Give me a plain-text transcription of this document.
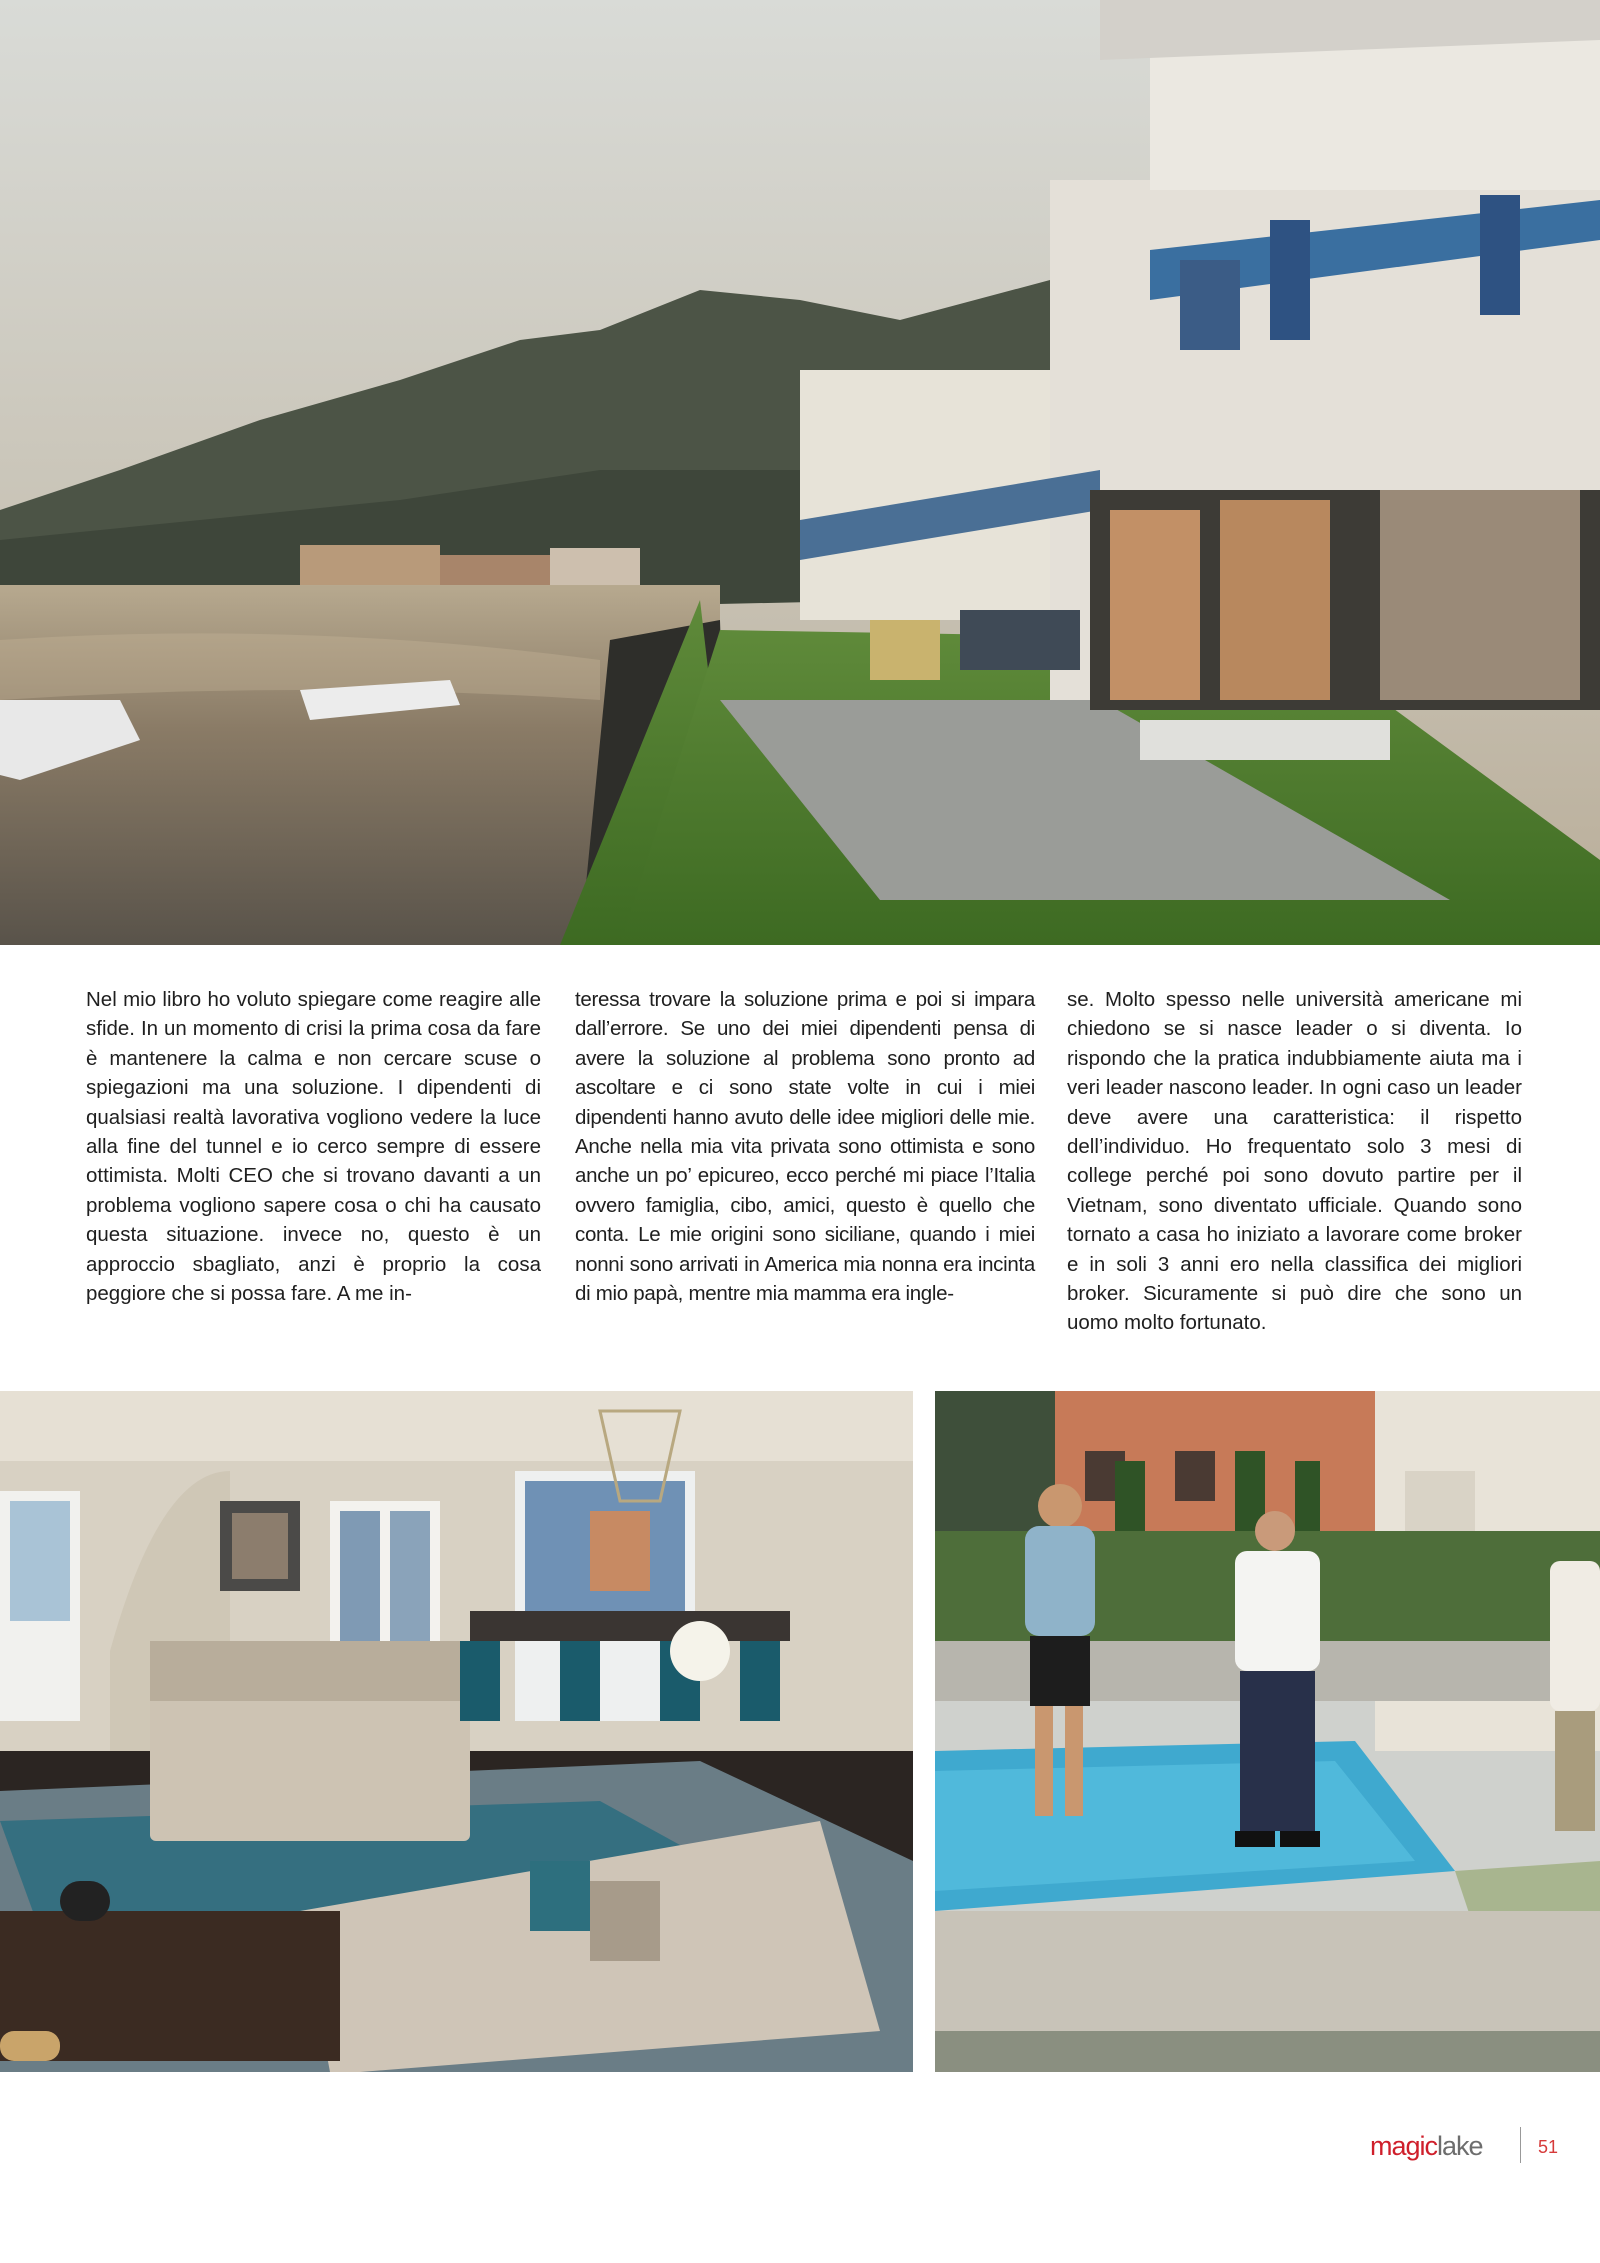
Nel mio libro ho voluto spiegare come reagire alle sfide. In un momento di crisi la prima cosa da fare è mantenere la calma e non cercare scuse o spiegazioni ma una soluzione. I dipendenti di qualsiasi realtà lavorativa vogliono vedere la luce alla fine del tunnel e io cerco sempre di essere ottimista. Molti CEO che si trovano davanti a un problema vogliono sapere cosa o chi ha causato questa situazione. invece no, questo è un approccio sbagliato, anzi è proprio la cosa peggiore che si possa fare. A me in-

teressa trovare la soluzione prima e poi si impara dall’errore. Se uno dei miei dipendenti pensa di avere la soluzione al problema sono pronto ad ascoltare e ci sono state volte in cui i miei dipendenti hanno avuto delle idee migliori delle mie. Anche nella mia vita privata sono ottimista e sono anche un po’ epicureo, ecco perché mi piace l’Italia ovvero famiglia, cibo, amici, questo è quello che conta. Le mie origini sono siciliane, quando i miei nonni sono arrivati in America mia nonna era incinta di mio papà, mentre mia mamma era ingle-

se. Molto spesso nelle università americane mi chiedono se si nasce leader o si diventa. Io rispondo che la pratica indubbiamente aiuta ma i veri leader nascono leader. In ogni caso un leader deve avere una caratteristica: il rispetto dell’individuo. Ho frequentato solo 3 mesi di college perché poi sono dovuto partire per il Vietnam, sono diventato ufficiale. Quando sono tornato a casa ho iniziato a lavorare come broker e in soli 3 anni ero nella classifica dei migliori broker. Sicuramente si può dire che sono un uomo molto fortunato.

magiclake	51
